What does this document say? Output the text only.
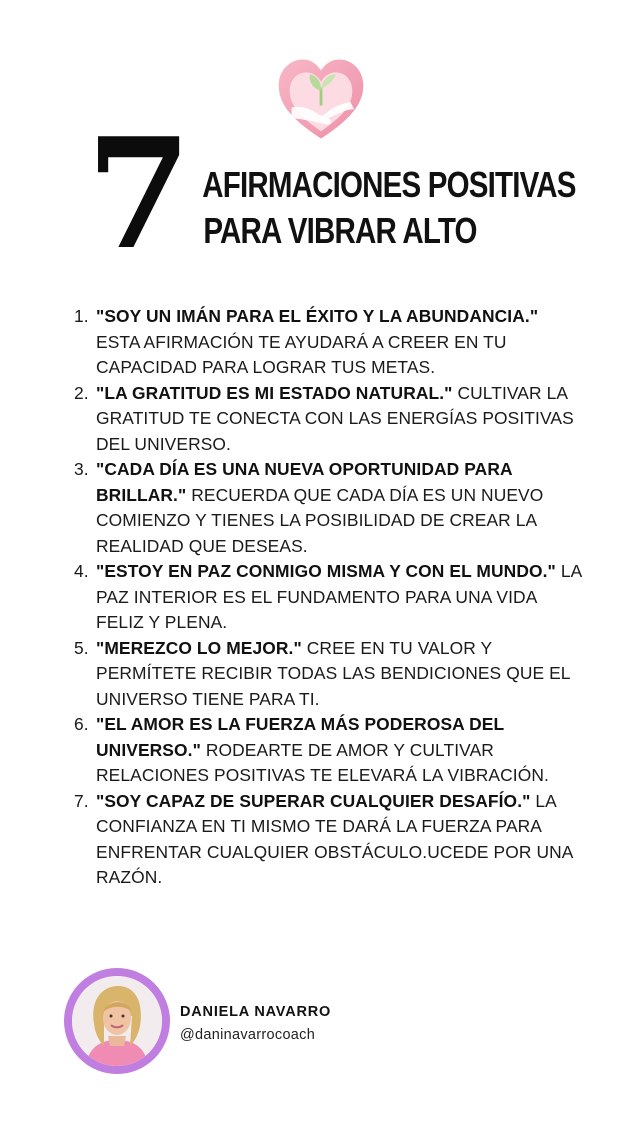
7 AFIRMACIONES POSITIVAS
PARA VIBRAR ALTO
1. "SOY UN IMÁN PARA EL ÉXITO Y LA ABUNDANCIA." ESTA AFIRMACIÓN TE AYUDARÁ A CREER EN TU CAPACIDAD PARA LOGRAR TUS METAS.
2. "LA GRATITUD ES MI ESTADO NATURAL." CULTIVAR LA GRATITUD TE CONECTA CON LAS ENERGÍAS POSITIVAS DEL UNIVERSO.
3. "CADA DÍA ES UNA NUEVA OPORTUNIDAD PARA BRILLAR." RECUERDA QUE CADA DÍA ES UN NUEVO COMIENZO Y TIENES LA POSIBILIDAD DE CREAR LA REALIDAD QUE DESEAS.
4. "ESTOY EN PAZ CONMIGO MISMA Y CON EL MUNDO." LA PAZ INTERIOR ES EL FUNDAMENTO PARA UNA VIDA FELIZ Y PLENA.
5. "MEREZCO LO MEJOR." CREE EN TU VALOR Y PERMÍTETE RECIBIR TODAS LAS BENDICIONES QUE EL UNIVERSO TIENE PARA TI.
6. "EL AMOR ES LA FUERZA MÁS PODEROSA DEL UNIVERSO." RODEARTE DE AMOR Y CULTIVAR RELACIONES POSITIVAS TE ELEVARÁ LA VIBRACIÓN.
7. "SOY CAPAZ DE SUPERAR CUALQUIER DESAFÍO." LA CONFIANZA EN TI MISMO TE DARÁ LA FUERZA PARA ENFRENTAR CUALQUIER OBSTÁCULO.UCEDE POR UNA RAZÓN.
DANIELA NAVARRO
@daninavarrocoach
